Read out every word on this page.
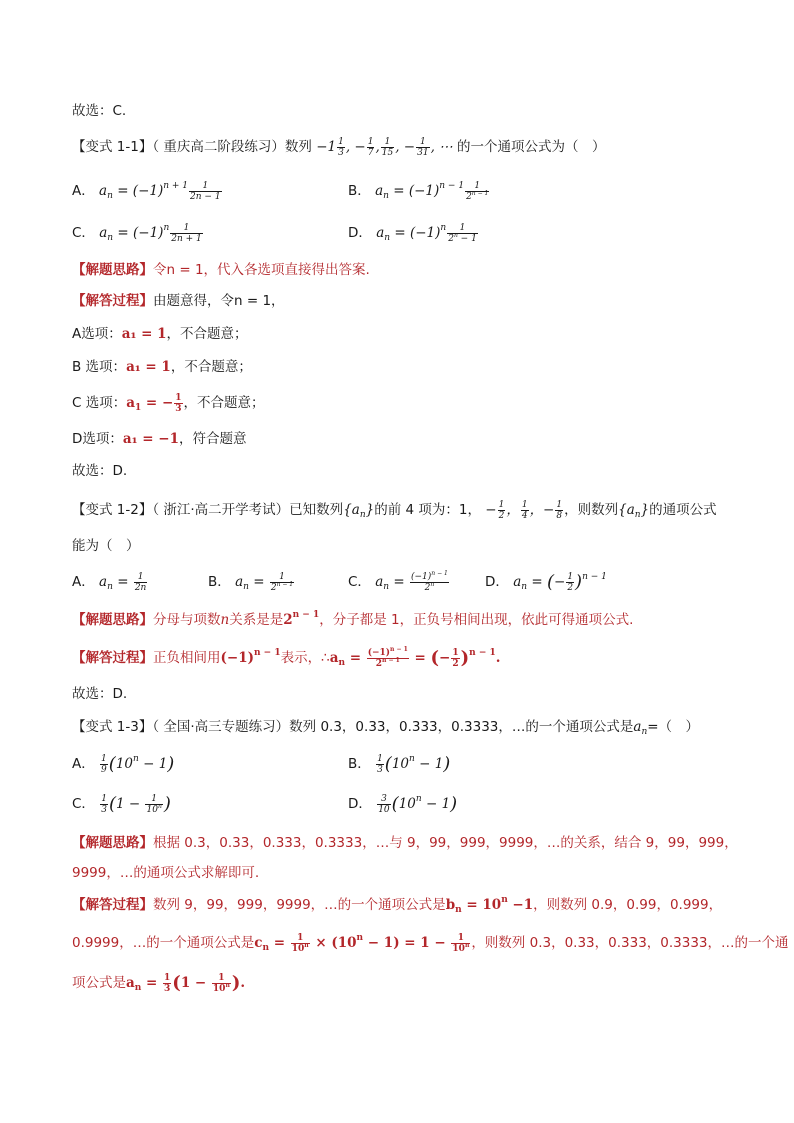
故选：C.
【变式 1-1】（ 重庆高二阶段练习）数列 $-1 \frac{1}{3}$ , − $\frac{1}{7}$ , $\frac{1}{15}$ , − $\frac{1}{31}$ , ⋯ 的一个通项公式为（　）
A． $a_n = (-1)^{n + 1} \frac{1}{2n - 1}$	B． $a_n = (-1)^{n - 1} \frac{1}{2^{n - 1}}$
C． $a_n = (-1)^n \frac{1}{2n + 1}$	D． $a_n = (-1)^n \frac{1}{2^n - 1}$
【解题思路】令n = 1，代入各选项直接得出答案.
【解答过程】由题意得，令n = 1，
A选项：a₁ = 1，不合题意；
B 选项：a₁ = 1，不合题意；
C 选项：$a_1$ = − $\frac{1}{3}$ ，不合题意；
D选项：a₁ = −1，符合题意
故选：D.
【变式 1-2】（ 浙江·高二开学考试）已知数列$\{a_n\}$的前 4 项为：1， − $\frac{1}{2}$ ， $\frac{1}{4}$ ，− $\frac{1}{8}$ ，则数列$\{a_n\}$的通项公式
能为（　）
A． $a_n = \frac{1}{2n}$	B． $a_n = \frac{1}{2^{n - 1}}$	C． $a_n = \frac{(-1)^{n - 1}}{2^n}$	D． $a_n$ = (− $\frac{1}{2} )^{n - 1}$
【解题思路】分母与项数n关系是是$2^{n - 1}$，分子都是 1，正负号相间出现，依此可得通项公式.
【解答过程】正负相间用$(-1)^{n - 1}$表示，$\therefore a_n = \frac{(-1)^{n - 1}}{2^{n - 1}}$ = (− $\frac{1}{2} )^{n - 1}$.
故选：D.
【变式 1-3】（ 全国·高三专题练习）数列 0.3，0.33，0.333，0.3333，…的一个通项公式是$a_n=$（　）
A． $\frac{1}{9} (10^n - 1)$	B． $\frac{1}{3} (10^n - 1)$
C． $\frac{1}{3} (1 - \frac{1}{10^n}$ )	D． $\frac{3}{10} (10^n - 1)$
【解题思路】根据 0.3，0.33，0.333，0.3333，…与 9，99，999，9999，…的关系，结合 9，99，999，
9999，…的通项公式求解即可.
【解答过程】数列 9，99，999，9999，…的一个通项公式是$b_n = 10^n -1$，则数列 0.9，0.99，0.999，
0.9999，…的一个通项公式是$c_n = \frac{1}{10^n} \times (10^n - 1) = 1 - \frac{1}{10^n}$ ，则数列 0.3，0.33，0.333，0.3333，…的一个通
项公式是$a_n = \frac{1}{3} (1 - \frac{1}{10^n}$ ).
